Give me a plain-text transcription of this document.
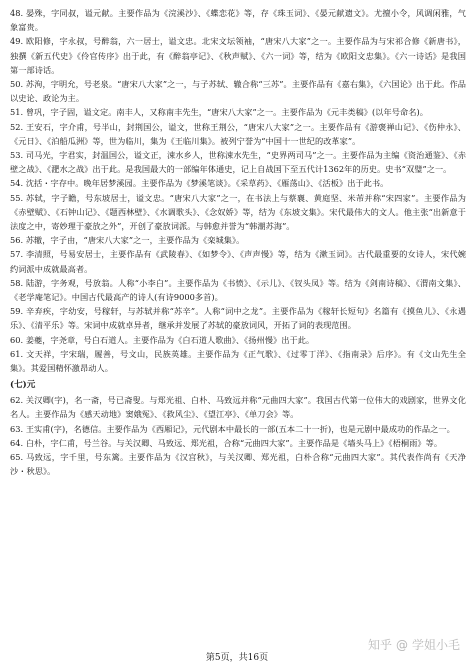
48. 晏殊，字同叔，谥元献。主要作品为《浣溪沙》、《蝶恋花》等，存《珠玉词》、《晏元献遗文》。尤擅小令，风调闲雅，气象富贵。

49. 欧阳修，字永叔，号醉翁，六一居士，谥文忠。北宋文坛领袖，“唐宋八大家”之一。主要作品为与宋祁合修《新唐书》，独撰《新五代史》《伶官传序》出于此，有《醉翁亭记》、《秋声赋》、《六一词》等，结为《欧阳文忠集》。《六一诗话》是我国第一部诗话。

50. 苏洵，字明允，号老泉。“唐宋八大家”之一，与子苏轼、辙合称“三苏”。主要作品有《嘉右集》，《六国论》出于此。作品以史论、政论为主。

51. 曾巩，字子固，谥文定。南丰人，又称南丰先生，“唐宋八大家”之一。主要作品为《元丰类稿》(以年号命名)。

52. 王安石，字介甫，号半山，封荆国公，谥文，世称王荆公，“唐宋八大家”之一。主要作品有《游褒禅山记》、《伤仲永》、《元日》、《泊船瓜洲》等，世为临川，集为《王临川集》。被列宁誉为“中国十一世纪的改革家”。

53. 司马光，字君实，封温国公，谥文正，涑水乡人，世称涑水先生，“史界两司马”之一。主要作品为主编《资治通鉴》、《赤壁之战》、《淝水之战》出于此。是我国最大的一部编年体通史，记上自战国下至五代计1362年的历史。史书“双璧”之一。

54. 沈括・字存中。晚年居梦溪园。主要作品为《梦溪笔谈》。《采草药》、《雁荡山》、《活板》出于此书。

55. 苏轼，字子瞻，号东坡居士，谥文忠。“唐宋八大家”之一，在书法上与蔡襄、黄庭坚、米芾并称“宋四家”。主要作品为《赤壁赋》、《石钟山记》、《题西林壁》、《水调歌头》、《念奴娇》等，结为《东坡文集》。宋代最伟大的文人。他主张“出新意于法度之中，寄妙理于豪放之外”，开创了豪放词派。与韩愈并誉为“韩潮苏海”。

56. 苏辙，字子由，“唐宋八大家”之一，主要作品为《栾城集》。

57. 李清照，号易安居士，主要作品有《武陵春》、《如梦令》、《声声慢》等，结为《漱玉词》。古代最重要的女诗人，宋代婉约词派中成就最高者。

58. 陆游，字务观，号放翁。人称“小李白”。主要作品为《书愤》、《示儿》、《钗头凤》等。结为《剑南诗稿》、《渭南文集》、《老学庵笔记》。中国古代最高产的诗人(有诗9000多首)。

59. 辛弃疾，字幼安，号稼轩，与苏轼并称“苏辛”。人称“词中之龙”。主要作品为《稼轩长短句》名篇有《摸鱼儿》、《永遇乐》、《清平乐》等。宋词中成就卓异者，继承并发展了苏轼的豪放词风，开拓了词的表现范围。

60. 姜夔，字尧章，号白石道人。主要作品为《白石道人歌曲》、《扬州慢》出于此。

61. 文天祥，字宋瑞，履善，号文山，民族英雄。主要作品为《正气歌》、《过零丁洋》、《指南录》后序》。有《文山先生全集》。其爱国精怀激昂动人。

(七)元

62. 关汉卿(字)，名一斋，号已斋叟。与郑光祖、白朴、马致远并称“元曲四大家”。我国古代第一位伟大的戏剧家，世界文化名人。主要作品为《感天动地》窦娥冤》、《救风尘》、《望江亭》、《单刀会》等。

63. 王实甫(字)，名德信。主要作品为《西厢记》，元代剧本中最长的一部(五本二十一折)，也是元剧中最成功的作品之一。

64. 白朴，字仁甫，号兰谷。与关汉卿、马致远、郑光祖，合称“元曲四大家”。主要作品是《墙头马上》《梧桐雨》等。

65. 马致远，字千里，号东篱。主要作品为《汉宫秋》，与关汉卿、郑光祖，白朴合称“元曲四大家”。其代表作尚有《天净沙・秋思》。

知乎 @ 学姐小毛
第5页，共16页
